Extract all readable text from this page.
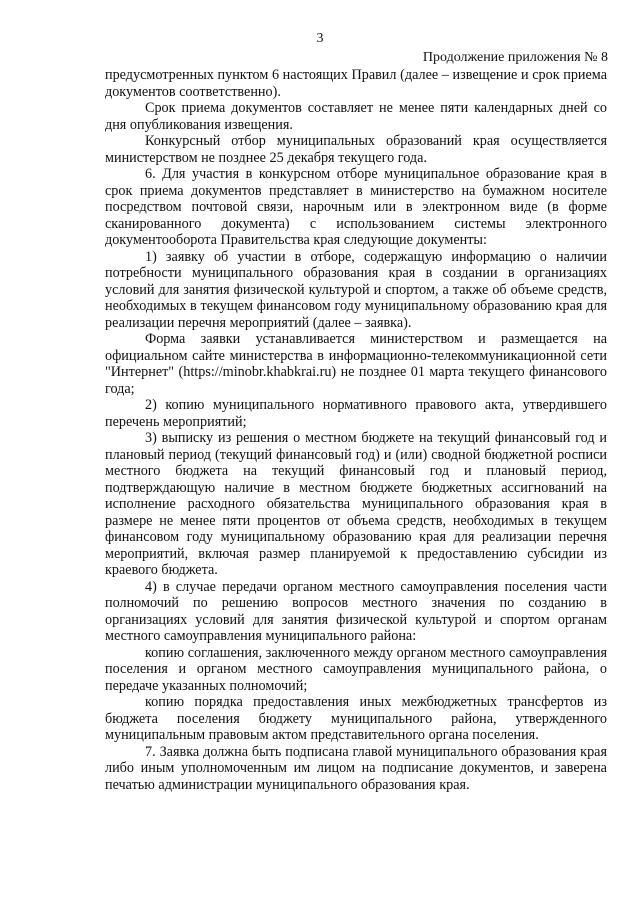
3
Продолжение приложения № 8

предусмотренных пунктом 6 настоящих Правил (далее – извещение и срок приема документов соответственно).

Срок приема документов составляет не менее пяти календарных дней со дня опубликования извещения.

Конкурсный отбор муниципальных образований края осуществляется министерством не позднее 25 декабря текущего года.

6. Для участия в конкурсном отборе муниципальное образование края в срок приема документов представляет в министерство на бумажном носителе посредством почтовой связи, нарочным или в электронном виде (в форме сканированного документа) с использованием системы электронного документооборота Правительства края следующие документы:

1) заявку об участии в отборе, содержащую информацию о наличии потребности муниципального образования края в создании в организациях условий для занятия физической культурой и спортом, а также об объеме средств, необходимых в текущем финансовом году муниципальному образованию края для реализации перечня мероприятий (далее – заявка).

Форма заявки устанавливается министерством и размещается на официальном сайте министерства в информационно-телекоммуникационной сети "Интернет" (https://minobr.khabkrai.ru) не позднее 01 марта текущего финансового года;

2) копию муниципального нормативного правового акта, утвердившего перечень мероприятий;

3) выписку из решения о местном бюджете на текущий финансовый год и плановый период (текущий финансовый год) и (или) сводной бюджетной росписи местного бюджета на текущий финансовый год и плановый период, подтверждающую наличие в местном бюджете бюджетных ассигнований на исполнение расходного обязательства муниципального образования края в размере не менее пяти процентов от объема средств, необходимых в текущем финансовом году муниципальному образованию края для реализации перечня мероприятий, включая размер планируемой к предоставлению субсидии из краевого бюджета.

4) в случае передачи органом местного самоуправления поселения части полномочий по решению вопросов местного значения по созданию в организациях условий для занятия физической культурой и спортом органам местного самоуправления муниципального района:

копию соглашения, заключенного между органом местного самоуправления поселения и органом местного самоуправления муниципального района, о передаче указанных полномочий;

копию порядка предоставления иных межбюджетных трансфертов из бюджета поселения бюджету муниципального района, утвержденного муниципальным правовым актом представительного органа поселения.

7. Заявка должна быть подписана главой муниципального образования края либо иным уполномоченным им лицом на подписание документов, и заверена печатью администрации муниципального образования края.
